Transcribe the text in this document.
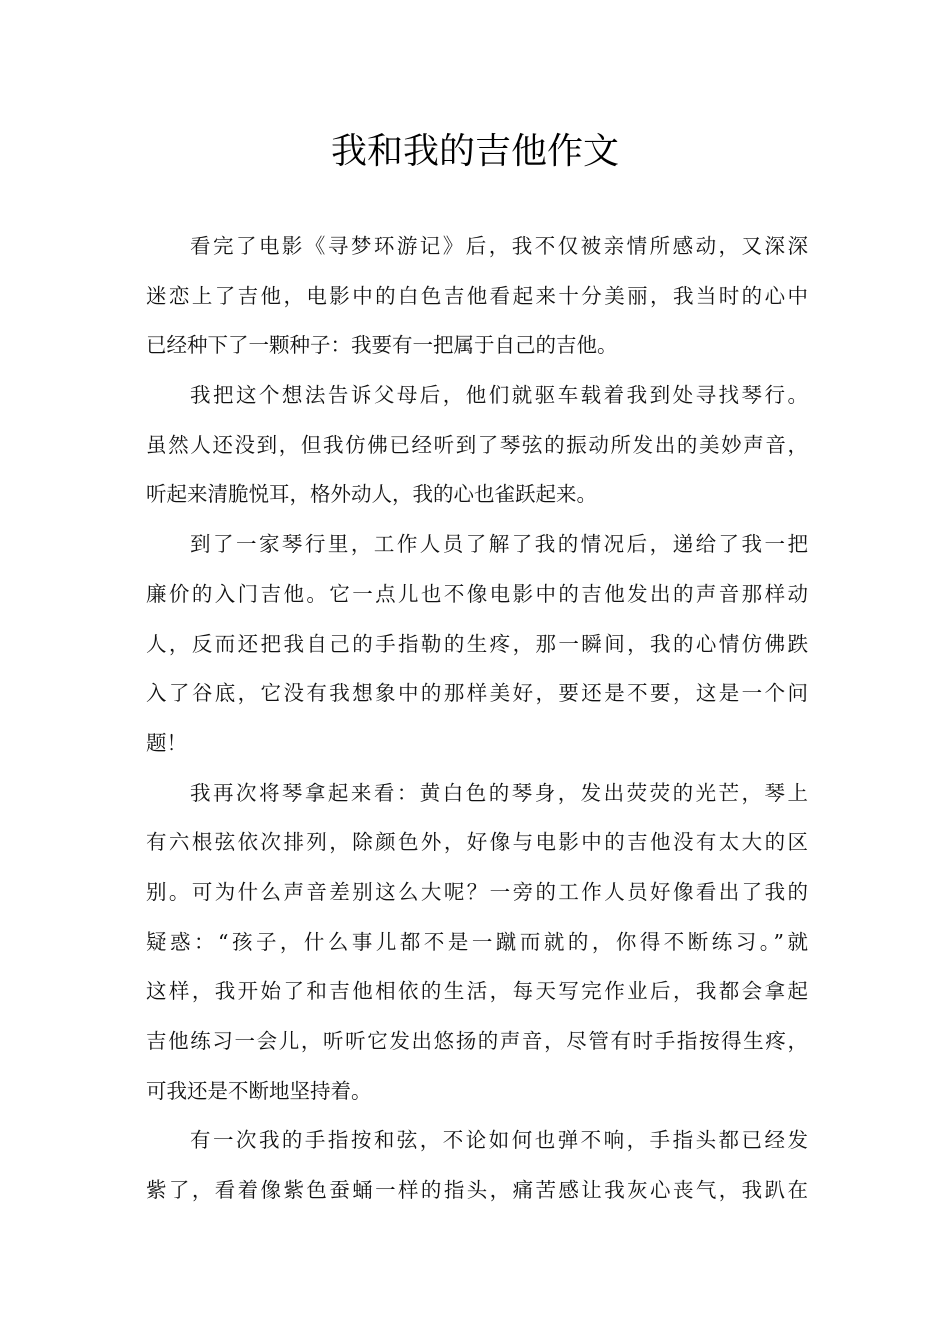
我和我的吉他作文
看完了电影《寻梦环游记》后，我不仅被亲情所感动，又深深
迷恋上了吉他，电影中的白色吉他看起来十分美丽，我当时的心中
已经种下了一颗种子：我要有一把属于自己的吉他。
我把这个想法告诉父母后，他们就驱车载着我到处寻找琴行。
虽然人还没到，但我仿佛已经听到了琴弦的振动所发出的美妙声音，
听起来清脆悦耳，格外动人，我的心也雀跃起来。
到了一家琴行里，工作人员了解了我的情况后，递给了我一把
廉价的入门吉他。它一点儿也不像电影中的吉他发出的声音那样动
人，反而还把我自己的手指勒的生疼，那一瞬间，我的心情仿佛跌
入了谷底，它没有我想象中的那样美好，要还是不要，这是一个问
题！
我再次将琴拿起来看：黄白色的琴身，发出荧荧的光芒，琴上
有六根弦依次排列，除颜色外，好像与电影中的吉他没有太大的区
别。可为什么声音差别这么大呢？一旁的工作人员好像看出了我的
疑惑：“孩子，什么事儿都不是一蹴而就的，你得不断练习。”就
这样，我开始了和吉他相依的生活，每天写完作业后，我都会拿起
吉他练习一会儿，听听它发出悠扬的声音，尽管有时手指按得生疼，
可我还是不断地坚持着。
有一次我的手指按和弦，不论如何也弹不响，手指头都已经发
紫了，看着像紫色蚕蛹一样的指头，痛苦感让我灰心丧气，我趴在
